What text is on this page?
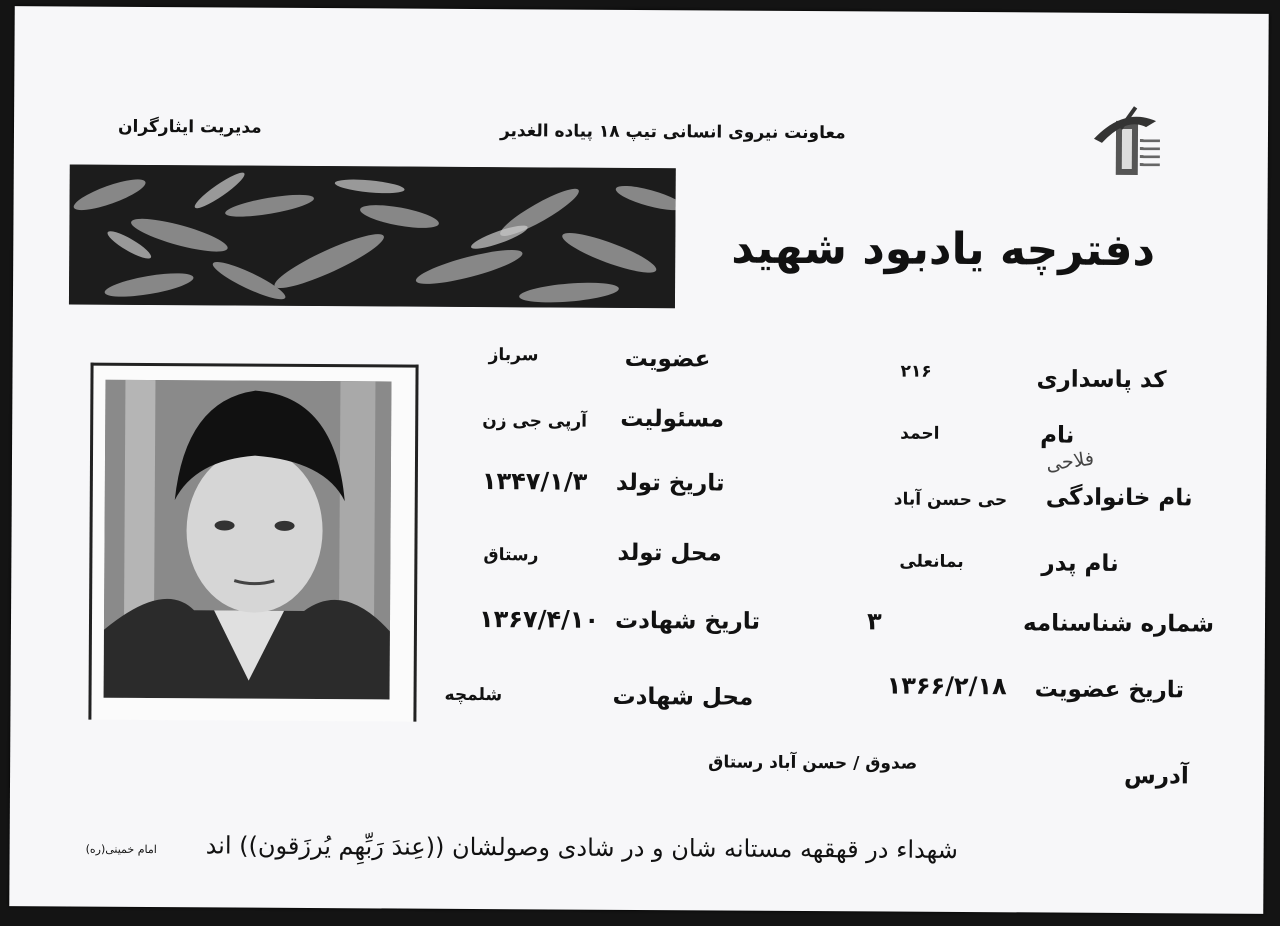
مدیریت ایثارگران	معاونت نیروی انسانی تیپ ۱۸ پیاده الغدیر
دفترچه یادبود شهید
عضویت
سرباز
مسئولیت
آرپی جی زن
تاریخ تولد
۱۳۴۷/۱/۳
محل تولد
رستاق
تاریخ شهادت
۱۳۶۷/۴/۱۰
محل شهادت
شلمچه
کد پاسداری
۲۱۶
نام
احمد
فلاحی
نام خانوادگی
حی حسن آباد
نام پدر
بمانعلی
شماره شناسنامه
۳
تاریخ عضویت
۱۳۶۶/۲/۱۸
آدرس
صدوق / حسن آباد رستاق
شهداء در قهقهه مستانه شان و در شادی وصولشان ((عِندَ رَبِّهِم یُرزَقون)) اند
امام خمینی(ره)
